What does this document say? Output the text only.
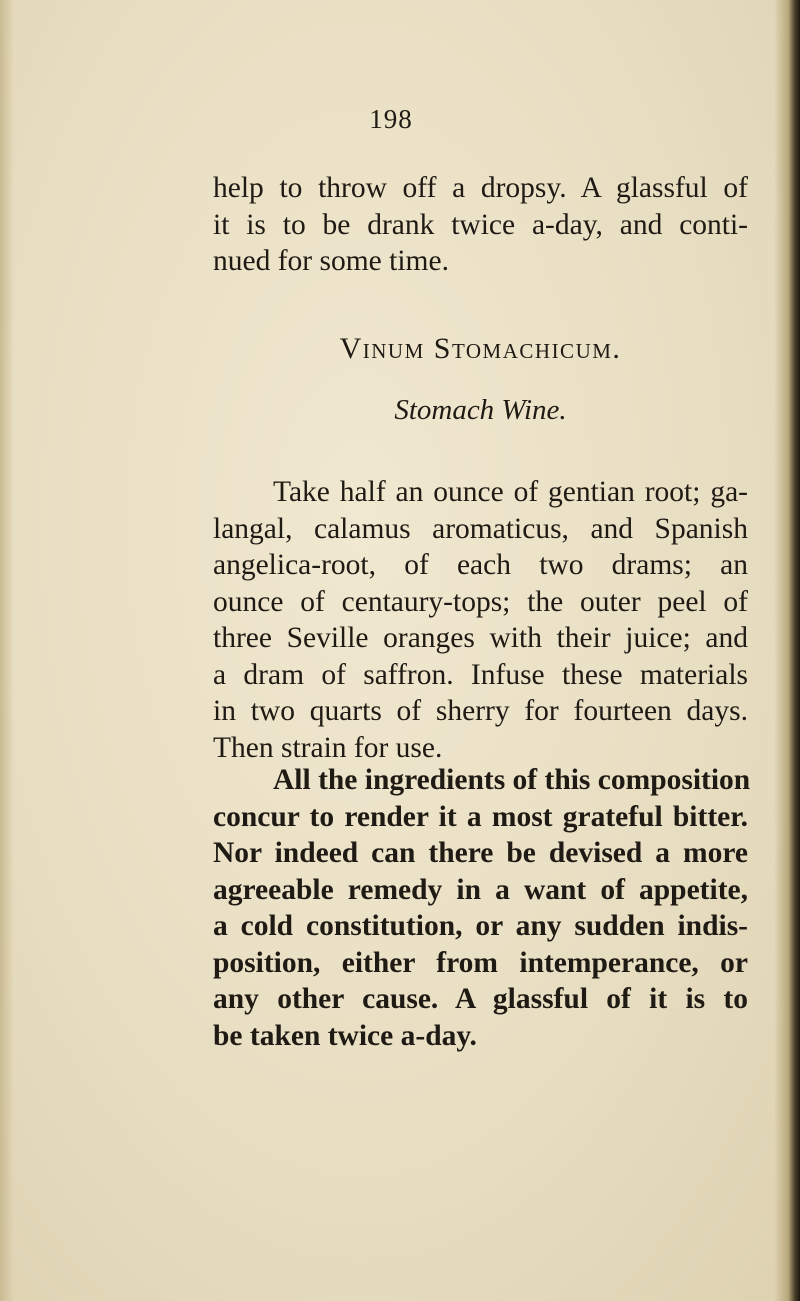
198
help to throw off a dropsy. A glassful of
it is to be drank twice a-day, and conti-
nued for some time.
Vinum Stomachicum.
Stomach Wine.
Take half an ounce of gentian root; ga-
langal, calamus aromaticus, and Spanish
angelica-root, of each two drams; an
ounce of centaury-tops; the outer peel of
three Seville oranges with their juice; and
a dram of saffron. Infuse these materials
in two quarts of sherry for fourteen days.
Then strain for use.
All the ingredients of this composition
concur to render it a most grateful bitter.
Nor indeed can there be devised a more
agreeable remedy in a want of appetite,
a cold constitution, or any sudden indis-
position, either from intemperance, or
any other cause. A glassful of it is to
be taken twice a-day.
